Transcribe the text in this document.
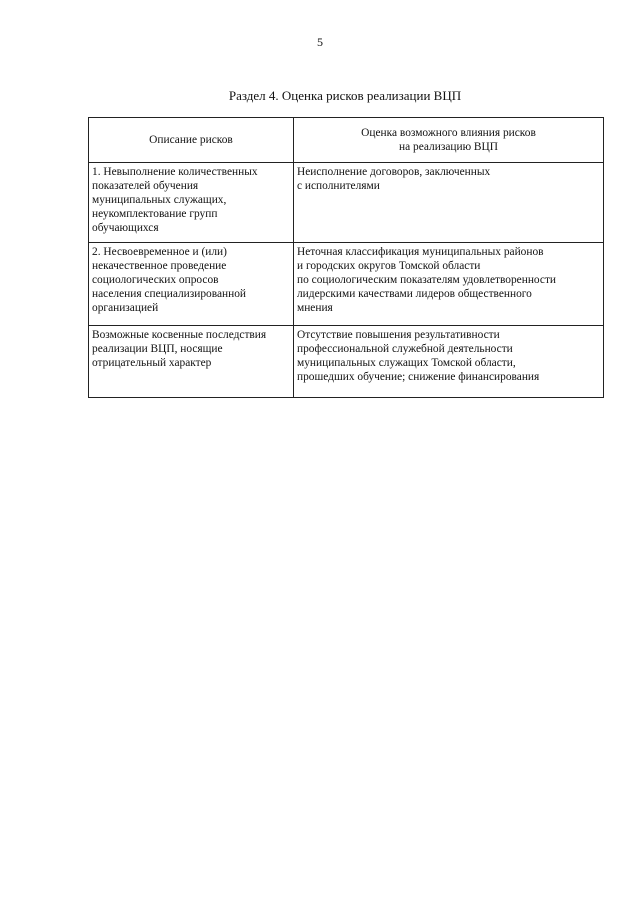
5
Раздел 4. Оценка рисков реализации ВЦП
Описание рисков	Оценка возможного влияния рисков
на реализацию ВЦП

1. Невыполнение количественных
показателей обучения
муниципальных служащих,
неукомплектование групп
обучающихся	Неисполнение договоров, заключенных
с исполнителями

2. Несвоевременное и (или)
некачественное проведение
социологических опросов
населения специализированной
организацией	Неточная классификация муниципальных районов
и городских округов Томской области
по социологическим показателям удовлетворенности
лидерскими качествами лидеров общественного
мнения

Возможные косвенные последствия
реализации ВЦП, носящие
отрицательный характер	Отсутствие повышения результативности
профессиональной служебной деятельности
муниципальных служащих Томской области,
прошедших обучение; снижение финансирования
